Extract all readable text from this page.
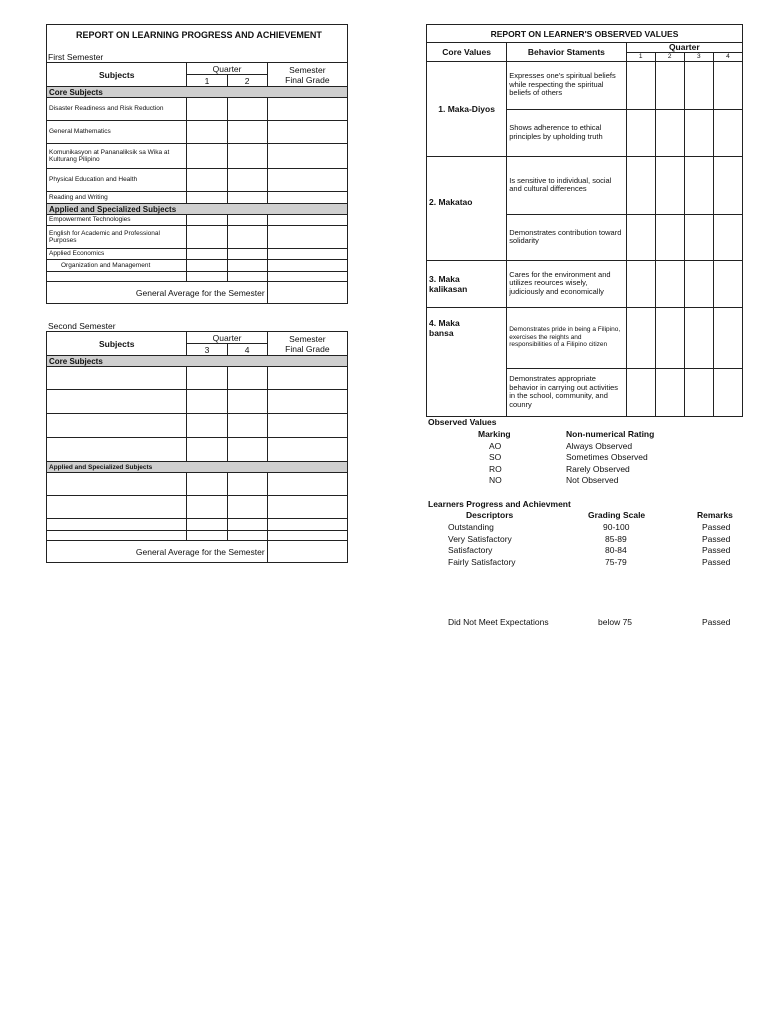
REPORT ON LEARNING PROGRESS AND ACHIEVEMENT
First Semester
Subjects	Quarter		Semester
Final Grade

	1	2	
Core Subjects			
Disaster Readiness and Risk Reduction			
General Mathematics			
Komunikasyon at Pananaliksik sa Wika at Kulturang Pilipino			
Physical Education and Health			
Reading and Writing			
Applied and Specialized Subjects			
Empowerment Technologies			
English for Academic and Professional Purposes			
Applied Economics			
Organization and Management			

General Average for the Semester			
Second Semester
Subjects	Quarter		Semester
Final Grade

	3	4	
Core Subjects			

Applied and Specialized Subjects			

General Average for the Semester			
REPORT ON LEARNER'S OBSERVED VALUES					
Core Values	Behavior Staments	Quarter			
		1	2	3	4
1. Maka-Diyos	Expresses one's spiritual beliefs while respecting the spiritual beliefs of others				
	Shows adherence to ethical principles by upholding truth				
2. Makatao	Is sensitive to individual, social and cultural differences				
	Demonstrates contribution toward solidarity				
3. Maka kalikasan	Cares for the environment and utilizes reources wisely, judiciously and economically				
4. Maka bansa	Demonstrates pride in being a Filipino, exercises the reights and responsibilities of a Filipino citizen				
	Demonstrates appropriate behavior in carrying out activities in the school, community, and counry				
Observed Values
Marking	Non-numerical Rating
AO	Always Observed
SO	Sometimes Observed
RO	Rarely Observed
NO	Not Observed
Learners Progress and Achievment
Descriptors	Grading Scale	Remarks
Outstanding	90-100	Passed
Very Satisfactory	85-89	Passed
Satisfactory	80-84	Passed
Fairly Satisfactory	75-79	Passed
Did Not Meet Expectations	below 75	Passed
